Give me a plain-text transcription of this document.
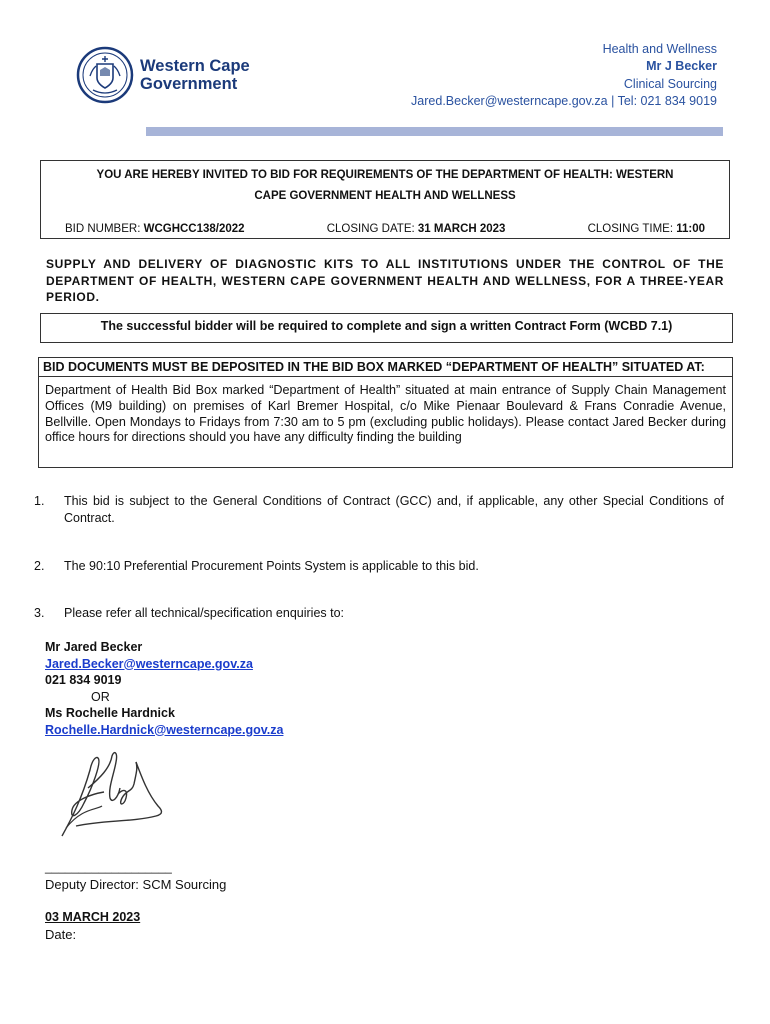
Western Cape
Government
Health and Wellness
Mr J Becker
Clinical Sourcing
Jared.Becker@westerncape.gov.za | Tel: 021 834 9019
YOU ARE HEREBY INVITED TO BID FOR REQUIREMENTS OF THE DEPARTMENT OF HEALTH: WESTERN CAPE GOVERNMENT HEALTH AND WELLNESS
BID NUMBER: WCGHCC138/2022	CLOSING DATE: 31 MARCH 2023	CLOSING TIME: 11:00
SUPPLY AND DELIVERY OF DIAGNOSTIC KITS TO ALL INSTITUTIONS UNDER THE CONTROL OF THE DEPARTMENT OF HEALTH, WESTERN CAPE GOVERNMENT HEALTH AND WELLNESS, FOR A THREE-YEAR PERIOD.
The successful bidder will be required to complete and sign a written Contract Form (WCBD 7.1)
BID DOCUMENTS MUST BE DEPOSITED IN THE BID BOX MARKED “DEPARTMENT OF HEALTH” SITUATED AT:
Department of Health Bid Box marked “Department of Health” situated at main entrance of Supply Chain Management Offices (M9 building) on premises of Karl Bremer Hospital, c/o Mike Pienaar Boulevard & Frans Conradie Avenue, Bellville. Open Mondays to Fridays from 7:30 am to 5 pm (excluding public holidays). Please contact Jared Becker during office hours for directions should you have any difficulty finding the building
1. This bid is subject to the General Conditions of Contract (GCC) and, if applicable, any other Special Conditions of Contract.
2. The 90:10 Preferential Procurement Points System is applicable to this bid.
3. Please refer all technical/specification enquiries to:
Mr Jared Becker
Jared.Becker@westerncape.gov.za
021 834 9019
OR
Ms Rochelle Hardnick
Rochelle.Hardnick@westerncape.gov.za
___________________
Deputy Director: SCM Sourcing
03 MARCH 2023
Date:
